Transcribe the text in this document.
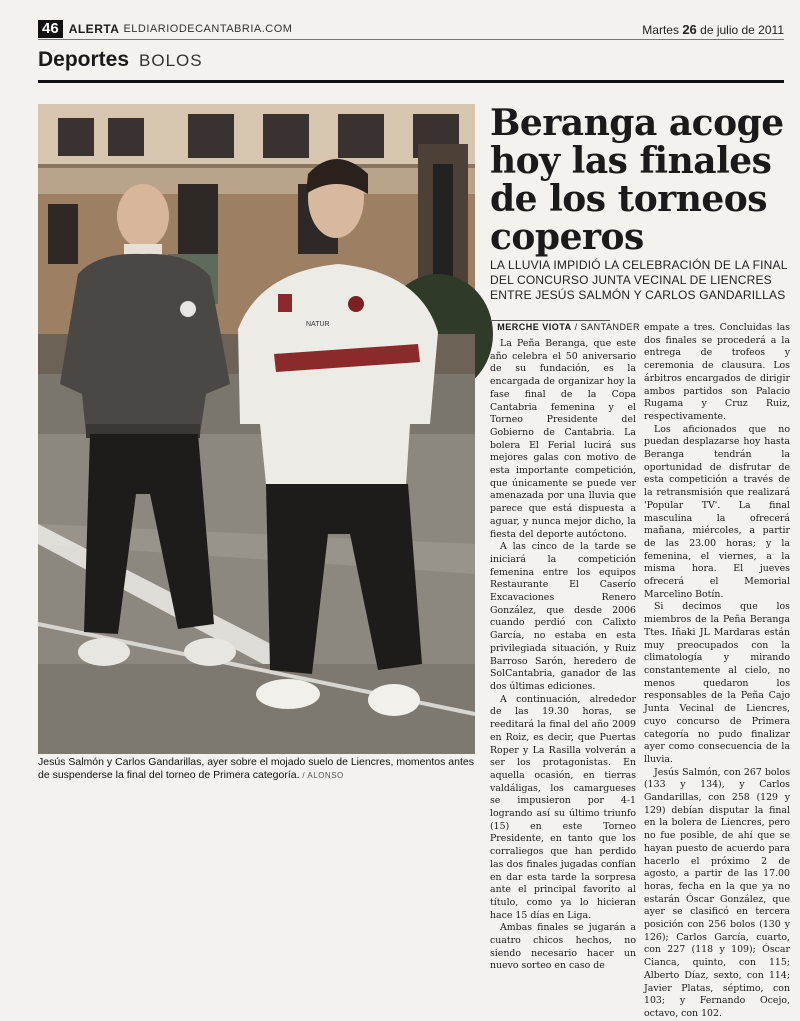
46 ALERTA ELDIARIODECANTABRIA.COM	Martes 26 de julio de 2011
Deportes BOLOS
NATUR
Jesús Salmón y Carlos Gandarillas, ayer sobre el mojado suelo de Liencres, momentos antes de suspenderse la final del torneo de Primera categoría. / ALONSO
Beranga acoge hoy las finales de los torneos coperos
LA LLUVIA IMPIDIÓ LA CELEBRACIÓN DE LA FINAL DEL CONCURSO JUNTA VECINAL DE LIENCRES ENTRE JESÚS SALMÓN Y CARLOS GANDARILLAS
MERCHE VIOTA / SANTANDER

La Peña Beranga, que este año celebra el 50 aniversario de su fundación, es la encargada de organizar hoy la fase final de la Copa Cantabria femenina y el Torneo Presidente del Gobierno de Cantabria. La bolera El Ferial lucirá sus mejores galas con motivo de esta importante competición, que únicamente se puede ver amenazada por una lluvia que parece que está dispuesta a aguar, y nunca mejor dicho, la fiesta del deporte autóctono.

A las cinco de la tarde se iniciará la competición femenina entre los equipos Restaurante El Caserío Excavaciones Renero González, que desde 2006 cuando perdió con Calixto García, no estaba en esta privilegiada situación, y Ruiz Barroso Sarón, heredero de SolCantabria, ganador de las dos últimas ediciones.

A continuación, alrededor de las 19.30 horas, se reeditará la final del año 2009 en Roiz, es decir, que Puertas Roper y La Rasilla volverán a ser los protagonistas. En aquella ocasión, en tierras valdáligas, los camargueses se impusieron por 4-1 logrando así su último triunfo (15) en este Torneo Presidente, en tanto que los corraliegos que han perdido las dos finales jugadas confían en dar esta tarde la sorpresa ante el principal favorito al título, como ya lo hicieran hace 15 días en Liga.

Ambas finales se jugarán a cuatro chicos hechos, no siendo necesario hacer un nuevo sorteo en caso de

empate a tres. Concluidas las dos finales se procederá a la entrega de trofeos y ceremonia de clausura. Los árbitros encargados de dirigir ambos partidos son Palacio Rugama y Cruz Ruiz, respectivamente.

Los aficionados que no puedan desplazarse hoy hasta Beranga tendrán la oportunidad de disfrutar de esta competición a través de la retransmisión que realizará 'Popular TV'. La final masculina la ofrecerá mañana, miércoles, a partir de las 23.00 horas; y la femenina, el viernes, a la misma hora. El jueves ofrecerá el Memorial Marcelino Botín.

Si decimos que los miembros de la Peña Beranga Ttes. Iñaki JL Mardaras están muy preocupados con la climatología y mirando constantemente al cielo, no menos quedaron los responsables de la Peña Cajo Junta Vecinal de Liencres, cuyo concurso de Primera categoría no pudo finalizar ayer como consecuencia de la lluvia.

Jesús Salmón, con 267 bolos (133 y 134), y Carlos Gandarillas, con 258 (129 y 129) debían disputar la final en la bolera de Liencres, pero no fue posible, de ahí que se hayan puesto de acuerdo para hacerlo el próximo 2 de agosto, a partir de las 17.00 horas, fecha en la que ya no estarán Óscar González, que ayer se clasificó en tercera posición con 256 bolos (130 y 126); Carlos García, cuarto, con 227 (118 y 109); Óscar Cianca, quinto, con 115; Alberto Díaz, sexto, con 114; Javier Platas, séptimo, con 103; y Fernando Ocejo, octavo, con 102.
